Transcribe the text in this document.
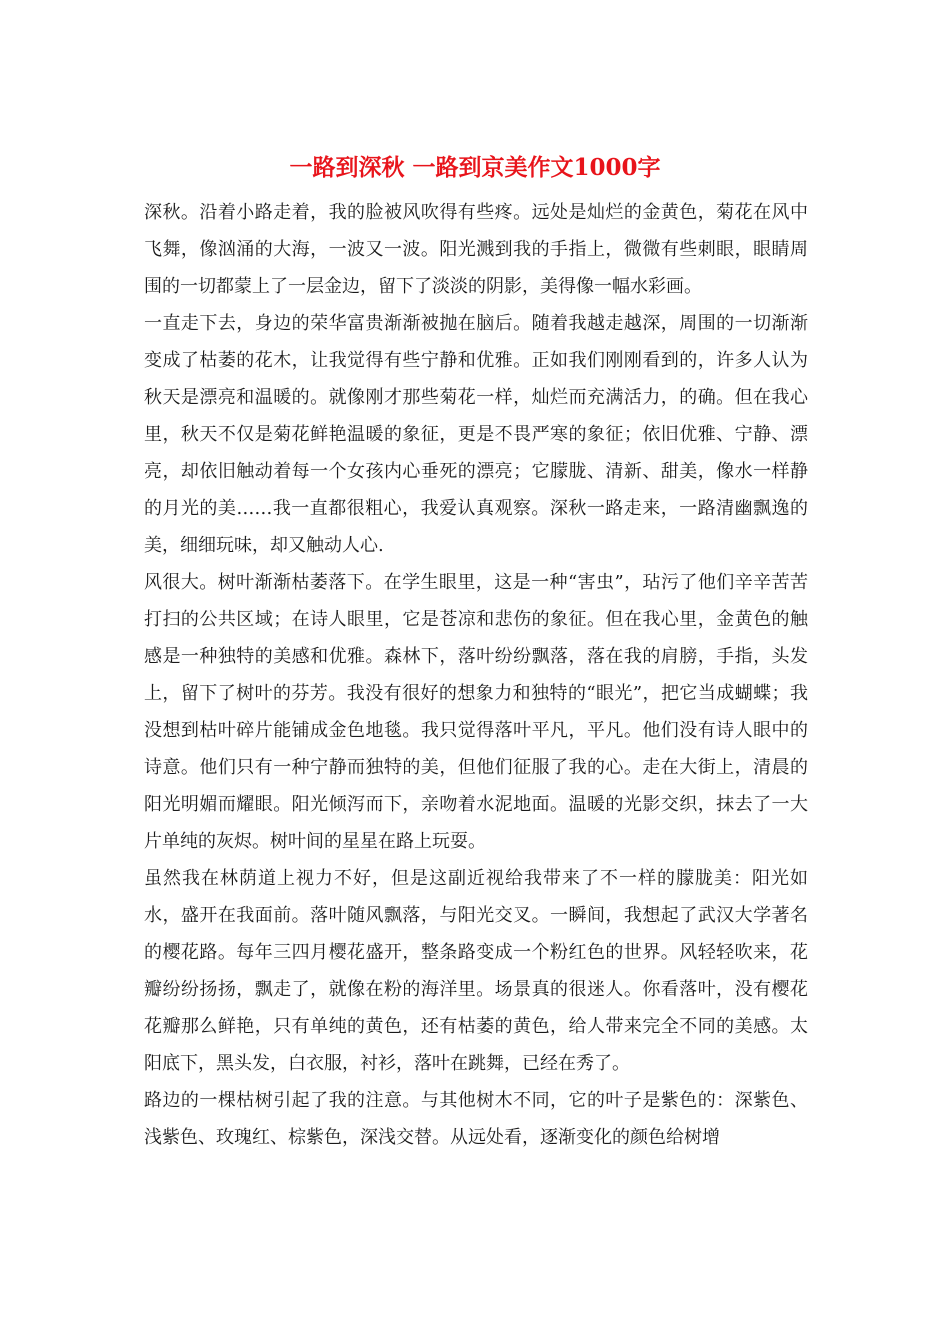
一路到深秋 一路到京美作文1000字

深秋。沿着小路走着，我的脸被风吹得有些疼。远处是灿烂的金黄色，菊花在风中飞舞，像汹涌的大海，一波又一波。阳光溅到我的手指上，微微有些刺眼，眼睛周围的一切都蒙上了一层金边，留下了淡淡的阴影，美得像一幅水彩画。

一直走下去，身边的荣华富贵渐渐被抛在脑后。随着我越走越深，周围的一切渐渐变成了枯萎的花木，让我觉得有些宁静和优雅。正如我们刚刚看到的，许多人认为秋天是漂亮和温暖的。就像刚才那些菊花一样，灿烂而充满活力，的确。但在我心里，秋天不仅是菊花鲜艳温暖的象征，更是不畏严寒的象征；依旧优雅、宁静、漂亮，却依旧触动着每一个女孩内心垂死的漂亮；它朦胧、清新、甜美，像水一样静的月光的美……我一直都很粗心，我爱认真观察。深秋一路走来，一路清幽飘逸的美，细细玩味，却又触动人心.

风很大。树叶渐渐枯萎落下。在学生眼里，这是一种“害虫”，玷污了他们辛辛苦苦打扫的公共区域；在诗人眼里，它是苍凉和悲伤的象征。但在我心里，金黄色的触感是一种独特的美感和优雅。森林下，落叶纷纷飘落，落在我的肩膀，手指，头发上，留下了树叶的芬芳。我没有很好的想象力和独特的“眼光”，把它当成蝴蝶；我没想到枯叶碎片能铺成金色地毯。我只觉得落叶平凡，平凡。他们没有诗人眼中的诗意。他们只有一种宁静而独特的美，但他们征服了我的心。走在大街上，清晨的阳光明媚而耀眼。阳光倾泻而下，亲吻着水泥地面。温暖的光影交织，抹去了一大片单纯的灰烬。树叶间的星星在路上玩耍。

虽然我在林荫道上视力不好，但是这副近视给我带来了不一样的朦胧美：阳光如水，盛开在我面前。落叶随风飘落，与阳光交叉。一瞬间，我想起了武汉大学著名的樱花路。每年三四月樱花盛开，整条路变成一个粉红色的世界。风轻轻吹来，花瓣纷纷扬扬，飘走了，就像在粉的海洋里。场景真的很迷人。你看落叶，没有樱花花瓣那么鲜艳，只有单纯的黄色，还有枯萎的黄色，给人带来完全不同的美感。太阳底下，黑头发，白衣服，衬衫，落叶在跳舞，已经在秀了。

路边的一棵枯树引起了我的注意。与其他树木不同，它的叶子是紫色的：深紫色、浅紫色、玫瑰红、棕紫色，深浅交替。从远处看，逐渐变化的颜色给树增
